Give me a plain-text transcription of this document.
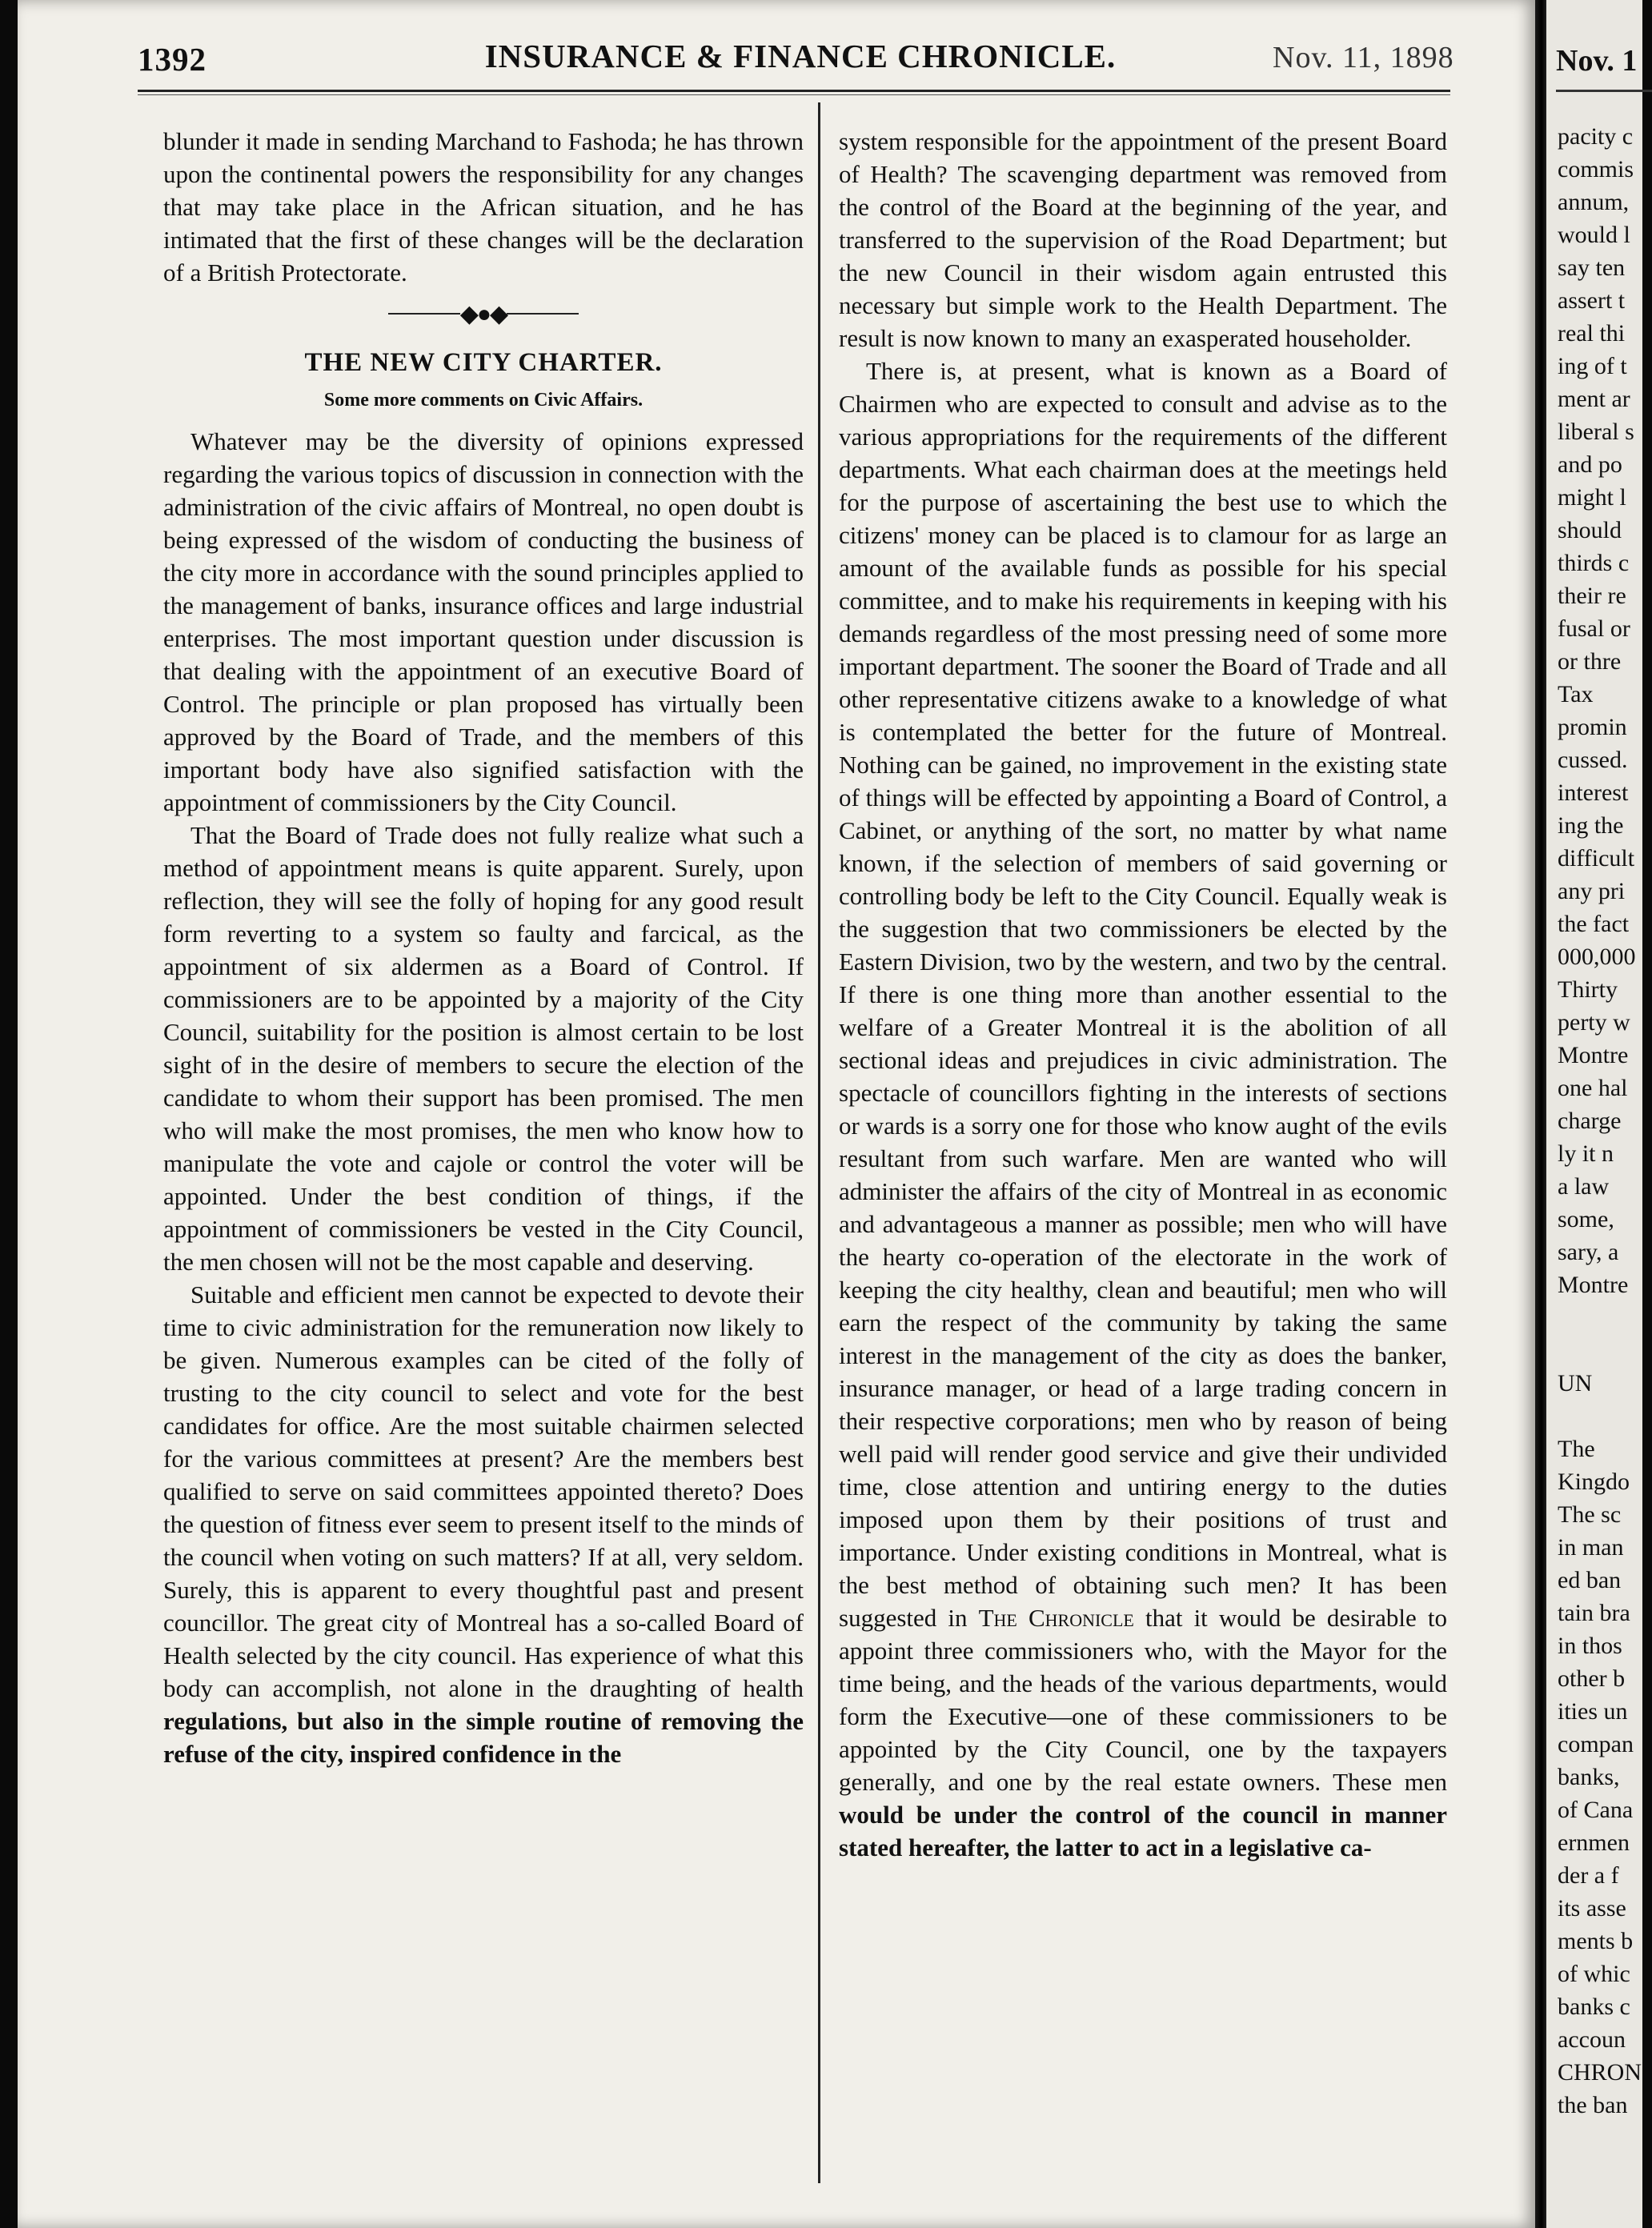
1392	INSURANCE & FINANCE CHRONICLE.	Nov. 11, 1898

blunder it made in sending Marchand to Fashoda; he has thrown upon the continental powers the responsibility for any changes that may take place in the African situation, and he has intimated that the first of these changes will be the declaration of a British Protectorate.

◆●◆
THE NEW CITY CHARTER.
Some more comments on Civic Affairs.

Whatever may be the diversity of opinions expressed regarding the various topics of discussion in connection with the administration of the civic affairs of Montreal, no open doubt is being expressed of the wisdom of conducting the business of the city more in accordance with the sound principles applied to the management of banks, insurance offices and large industrial enterprises. The most important question under discussion is that dealing with the appointment of an executive Board of Control. The principle or plan proposed has virtually been approved by the Board of Trade, and the members of this important body have also signified satisfaction with the appointment of commissioners by the City Council.

That the Board of Trade does not fully realize what such a method of appointment means is quite apparent. Surely, upon reflection, they will see the folly of hoping for any good result form reverting to a system so faulty and farcical, as the appointment of six aldermen as a Board of Control. If commissioners are to be appointed by a majority of the City Council, suitability for the position is almost certain to be lost sight of in the desire of members to secure the election of the candidate to whom their support has been promised. The men who will make the most promises, the men who know how to manipulate the vote and cajole or control the voter will be appointed. Under the best condition of things, if the appointment of commissioners be vested in the City Council, the men chosen will not be the most capable and deserving.

Suitable and efficient men cannot be expected to devote their time to civic administration for the remuneration now likely to be given. Numerous examples can be cited of the folly of trusting to the city council to select and vote for the best candidates for office. Are the most suitable chairmen selected for the various committees at present? Are the members best qualified to serve on said committees appointed thereto? Does the question of fitness ever seem to present itself to the minds of the council when voting on such matters? If at all, very seldom. Surely, this is apparent to every thoughtful past and present councillor. The great city of Montreal has a so-called Board of Health selected by the city council. Has experience of what this body can accomplish, not alone in the draughting of health regulations, but also in the simple routine of removing the refuse of the city, inspired confidence in the

system responsible for the appointment of the present Board of Health? The scavenging department was removed from the control of the Board at the beginning of the year, and transferred to the supervision of the Road Department; but the new Council in their wisdom again entrusted this necessary but simple work to the Health Department. The result is now known to many an exasperated householder.

There is, at present, what is known as a Board of Chairmen who are expected to consult and advise as to the various appropriations for the requirements of the different departments. What each chairman does at the meetings held for the purpose of ascertaining the best use to which the citizens' money can be placed is to clamour for as large an amount of the available funds as possible for his special committee, and to make his requirements in keeping with his demands regardless of the most pressing need of some more important department. The sooner the Board of Trade and all other representative citizens awake to a knowledge of what is contemplated the better for the future of Montreal. Nothing can be gained, no improvement in the existing state of things will be effected by appointing a Board of Control, a Cabinet, or anything of the sort, no matter by what name known, if the selection of members of said governing or controlling body be left to the City Council. Equally weak is the suggestion that two commissioners be elected by the Eastern Division, two by the western, and two by the central. If there is one thing more than another essential to the welfare of a Greater Montreal it is the abolition of all sectional ideas and prejudices in civic administration. The spectacle of councillors fighting in the interests of sections or wards is a sorry one for those who know aught of the evils resultant from such warfare. Men are wanted who will administer the affairs of the city of Montreal in as economic and advantageous a manner as possible; men who will have the hearty co-operation of the electorate in the work of keeping the city healthy, clean and beautiful; men who will earn the respect of the community by taking the same interest in the management of the city as does the banker, insurance manager, or head of a large trading concern in their respective corporations; men who by reason of being well paid will render good service and give their undivided time, close attention and untiring energy to the duties imposed upon them by their positions of trust and importance. Under existing conditions in Montreal, what is the best method of obtaining such men? It has been suggested in The Chronicle that it would be desirable to appoint three commissioners who, with the Mayor for the time being, and the heads of the various departments, would form the Executive—one of these commissioners to be appointed by the City Council, one by the taxpayers generally, and one by the real estate owners. These men would be under the control of the council in manner stated hereafter, the latter to act in a legislative ca-

Nov. 1
pacity c
commis
annum,
would l
say ten
assert t
real thi
ing of t
ment ar
liberal s
and po
might l
should
thirds c
their re
fusal or
or thre
Tax
promin
cussed.
interest
ing the
difficult
any pri
the fact
000,000
Thirty
perty w
Montre
one hal
charge
ly it n
a law
some,
sary, a
Montre
UN
The
Kingdo
The sc
in man
ed ban
tain bra
in thos
other b
ities un
compan
banks,
of Cana
ernmen
der a f
its asse
ments b
of whic
banks c
accoun
CHRON
the ban
